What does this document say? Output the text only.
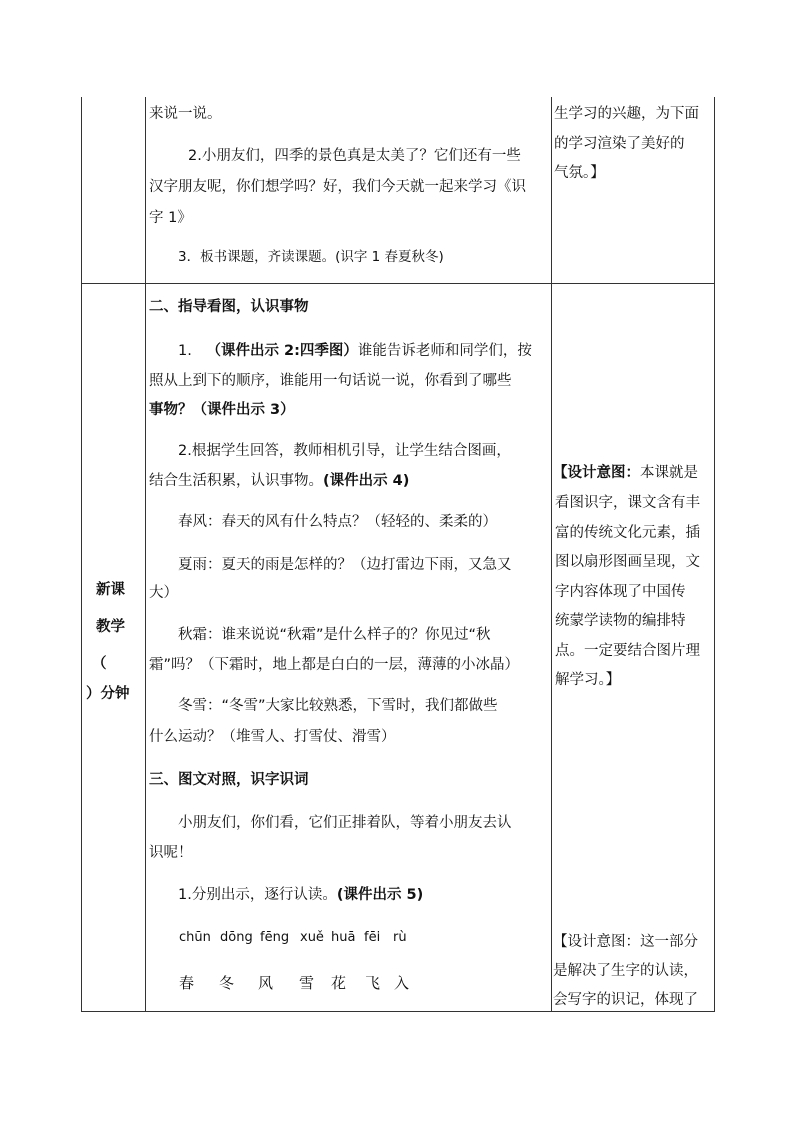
新课
教学
（
）分钟
来说一说。
2.小朋友们，四季的景色真是太美了？它们还有一些
汉字朋友呢，你们想学吗？好，我们今天就一起来学习《识
字 1》
3．板书课题，齐读课题。(识字 1 春夏秋冬)
生学习的兴趣，为下面
的学习渲染了美好的
气氛。】
二、指导看图，认识事物
1. （课件出示 2:四季图）谁能告诉老师和同学们，按
照从上到下的顺序，谁能用一句话说一说，你看到了哪些
事物？（课件出示 3）
2.根据学生回答，教师相机引导，让学生结合图画，
结合生活积累，认识事物。(课件出示 4)
春风：春天的风有什么特点？（轻轻的、柔柔的）
夏雨：夏天的雨是怎样的？（边打雷边下雨，又急又
大）
秋霜：谁来说说“秋霜”是什么样子的？你见过“秋
霜”吗？（下霜时，地上都是白白的一层，薄薄的小冰晶）
冬雪：“冬雪”大家比较熟悉，下雪时，我们都做些
什么运动？（堆雪人、打雪仗、滑雪）
三、图文对照，识字识词
小朋友们，你们看，它们正排着队，等着小朋友去认
识呢！
1.分别出示，逐行认读。(课件出示 5)
chūn dōng fēng xuě huā fēi rù
春 冬 风 雪 花 飞 入
【设计意图：本课就是
看图识字，课文含有丰
富的传统文化元素，插
图以扇形图画呈现，文
字内容体现了中国传
统蒙学读物的编排特
点。一定要结合图片理
解学习。】
【设计意图：这一部分
是解决了生字的认读，
会写字的识记，体现了
